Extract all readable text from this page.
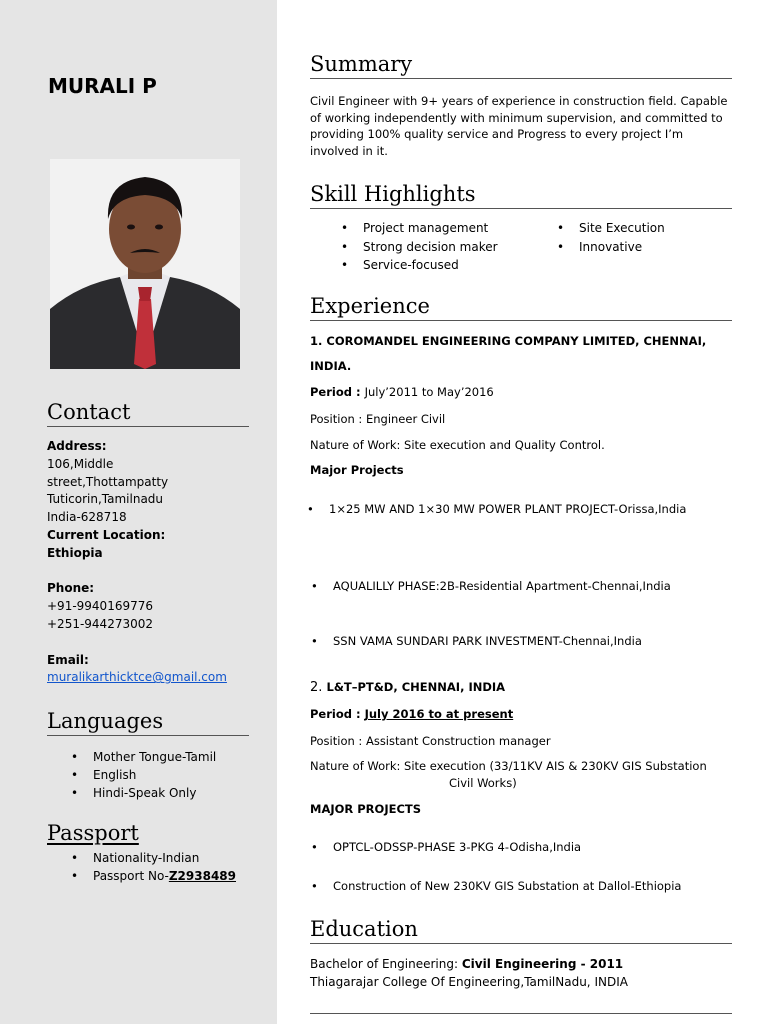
MURALI P
Contact
Address:
106,Middle
street,Thottampatty
Tuticorin,Tamilnadu
India-628718
Current Location:
Ethiopia
Phone:
+91-9940169776
+251-944273002
Email:
muralikarthicktce@gmail.com
Languages
• Mother Tongue-Tamil
• English
• Hindi-Speak Only
Passport
• Nationality-Indian
• Passport No-Z2938489
Summary
Civil Engineer with 9+ years of experience in construction field. Capable of working independently with minimum supervision, and committed to providing 100% quality service and Progress to every project I’m involved in it.
Skill Highlights
• Project management
• Strong decision maker
• Service-focused
• Site Execution
• Innovative
Experience
1. COROMANDEL ENGINEERING COMPANY LIMITED, CHENNAI,
INDIA.
Period : July’2011 to May’2016
Position : Engineer Civil
Nature of Work: Site execution and Quality Control.
Major Projects
• 1×25 MW AND 1×30 MW POWER PLANT PROJECT-Orissa,India
• AQUALILLY PHASE:2B-Residential Apartment-Chennai,India
• SSN VAMA SUNDARI PARK INVESTMENT-Chennai,India
2. L&T–PT&D, CHENNAI, INDIA
Period : July 2016 to at present
Position : Assistant Construction manager
Nature of Work: Site execution (33/11KV AIS & 230KV GIS Substation
Civil Works)
MAJOR PROJECTS
• OPTCL-ODSSP-PHASE 3-PKG 4-Odisha,India
• Construction of New 230KV GIS Substation at Dallol-Ethiopia
Education
Bachelor of Engineering: Civil Engineering - 2011
Thiagarajar College Of Engineering,TamilNadu, INDIA
